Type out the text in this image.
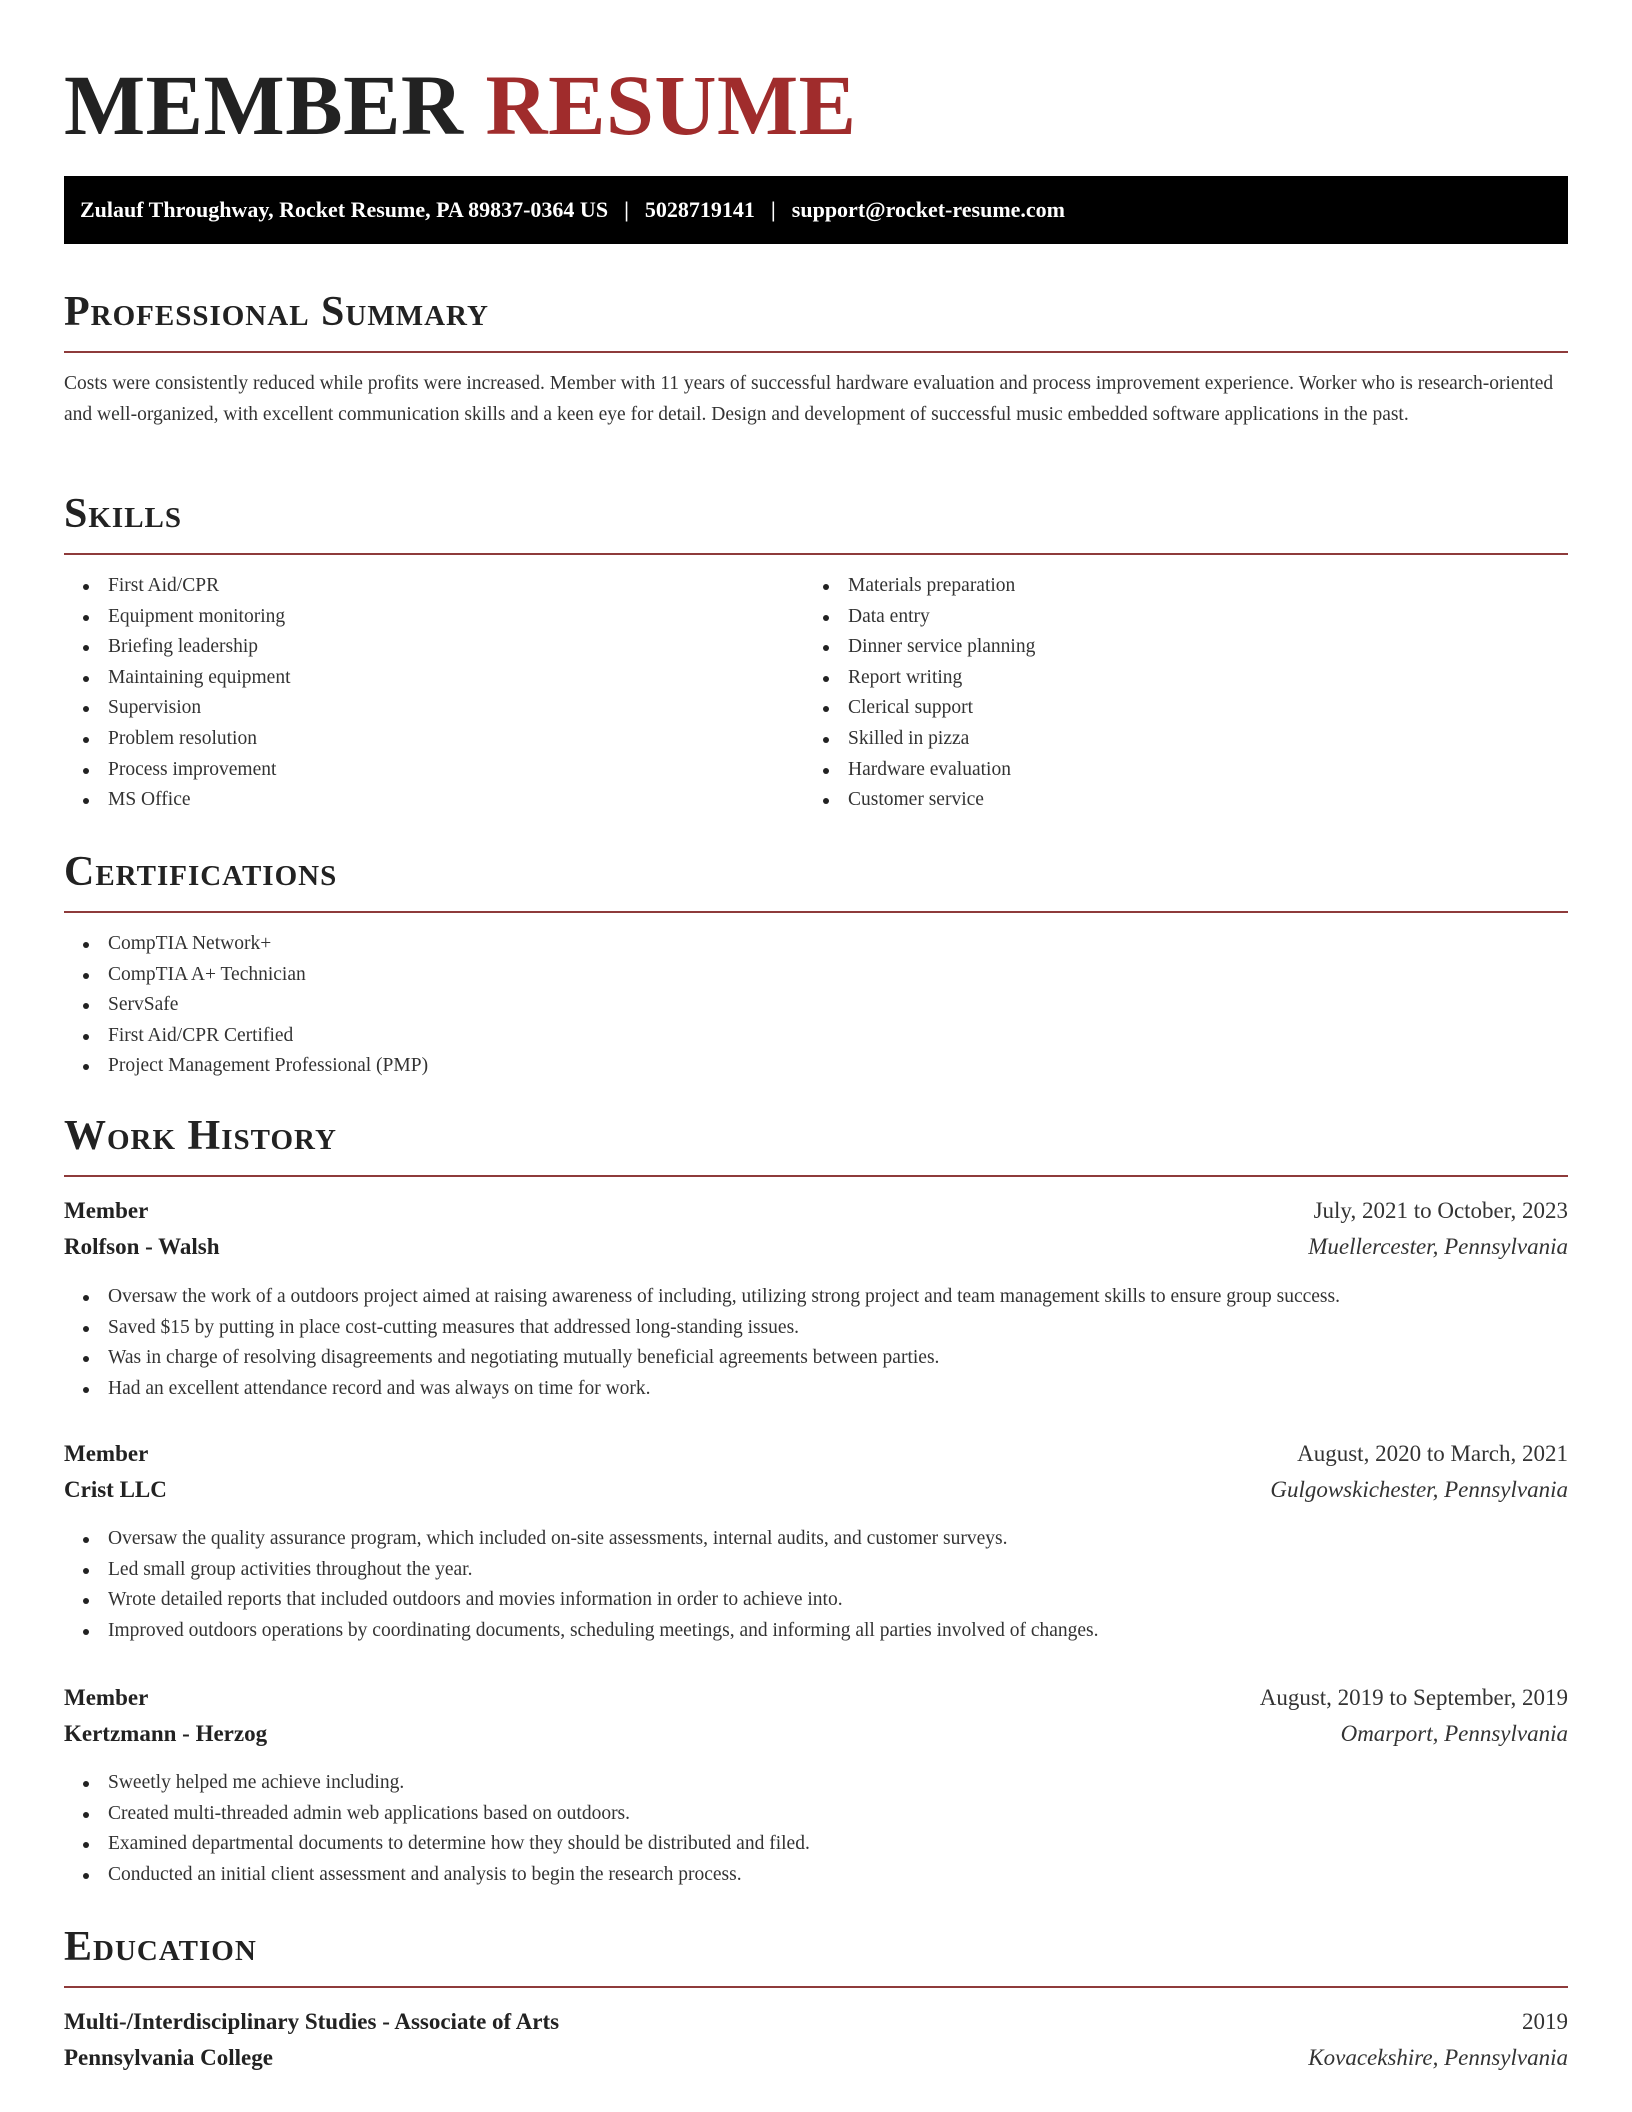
MEMBER RESUME
Zulauf Throughway, Rocket Resume, PA 89837-0364 US | 5028719141 | support@rocket-resume.com
Professional Summary

Costs were consistently reduced while profits were increased. Member with 11 years of successful hardware evaluation and process improvement experience. Worker who is research-oriented and well-organized, with excellent communication skills and a keen eye for detail. Design and development of successful music embedded software applications in the past.

Skills
First Aid/CPR
Equipment monitoring
Briefing leadership
Maintaining equipment
Supervision
Problem resolution
Process improvement
MS Office
Materials preparation
Data entry
Dinner service planning
Report writing
Clerical support
Skilled in pizza
Hardware evaluation
Customer service
Certifications
CompTIA Network+
CompTIA A+ Technician
ServSafe
First Aid/CPR Certified
Project Management Professional (PMP)
Work History
Member	July, 2021 to October, 2023
Rolfson - Walsh	Muellercester, Pennsylvania
Oversaw the work of a outdoors project aimed at raising awareness of including, utilizing strong project and team management skills to ensure group success.
Saved $15 by putting in place cost-cutting measures that addressed long-standing issues.
Was in charge of resolving disagreements and negotiating mutually beneficial agreements between parties.
Had an excellent attendance record and was always on time for work.
Member	August, 2020 to March, 2021
Crist LLC	Gulgowskichester, Pennsylvania
Oversaw the quality assurance program, which included on-site assessments, internal audits, and customer surveys.
Led small group activities throughout the year.
Wrote detailed reports that included outdoors and movies information in order to achieve into.
Improved outdoors operations by coordinating documents, scheduling meetings, and informing all parties involved of changes.
Member	August, 2019 to September, 2019
Kertzmann - Herzog	Omarport, Pennsylvania
Sweetly helped me achieve including.
Created multi-threaded admin web applications based on outdoors.
Examined departmental documents to determine how they should be distributed and filed.
Conducted an initial client assessment and analysis to begin the research process.
Education
Multi-/Interdisciplinary Studies - Associate of Arts	2019
Pennsylvania College	Kovacekshire, Pennsylvania
